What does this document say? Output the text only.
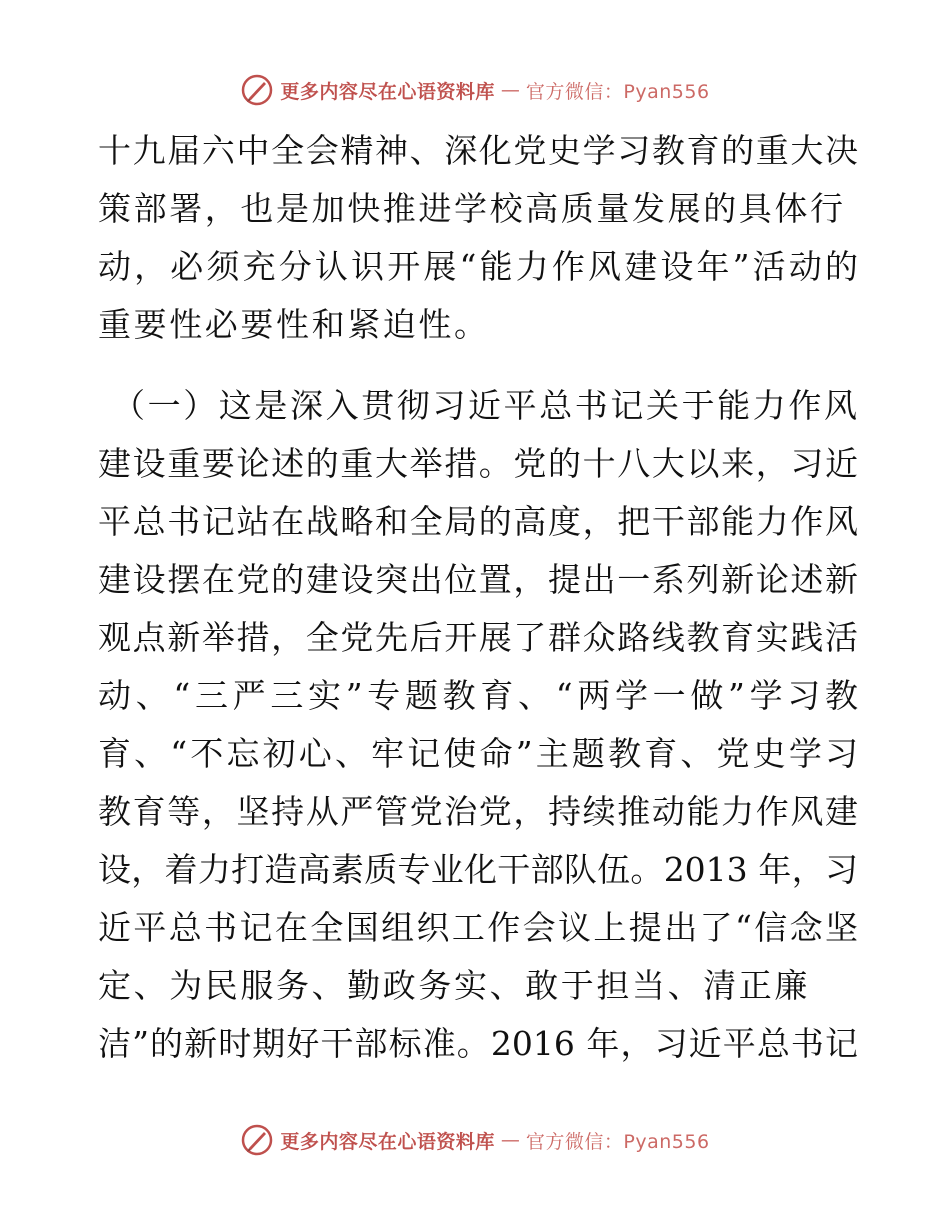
更多内容尽在心语资料库 — 官方微信：Pyan556
十九届六中全会精神、深化党史学习教育的重大决
策部署，也是加快推进学校高质量发展的具体行
动，必须充分认识开展“能力作风建设年”活动的
重要性必要性和紧迫性。
（一）这是深入贯彻习近平总书记关于能力作风
建设重要论述的重大举措。党的十八大以来，习近
平总书记站在战略和全局的高度，把干部能力作风
建设摆在党的建设突出位置，提出一系列新论述新
观点新举措，全党先后开展了群众路线教育实践活
动、“三严三实”专题教育、“两学一做”学习教
育、“不忘初心、牢记使命”主题教育、党史学习
教育等，坚持从严管党治党，持续推动能力作风建
设，着力打造高素质专业化干部队伍。2013 年，习
近平总书记在全国组织工作会议上提出了“信念坚
定、为民服务、勤政务实、敢于担当、清正廉
洁”的新时期好干部标准。2016 年，习近平总书记
更多内容尽在心语资料库 — 官方微信：Pyan556
